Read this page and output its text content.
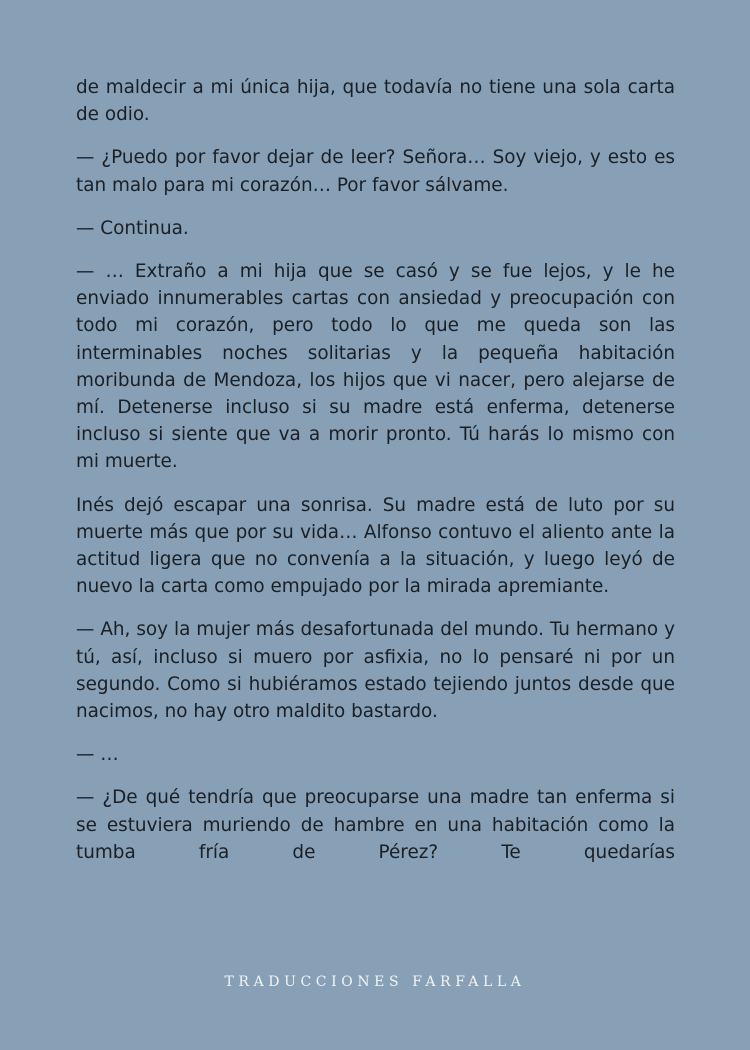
de maldecir a mi única hija, que todavía no tiene una sola carta de odio.

— ¿Puedo por favor dejar de leer? Señora… Soy viejo, y esto es tan malo para mi corazón… Por favor sálvame.

— Continua.

— … Extraño a mi hija que se casó y se fue lejos, y le he enviado innumerables cartas con ansiedad y preocupación con todo mi corazón, pero todo lo que me queda son las interminables noches solitarias y la pequeña habitación moribunda de Mendoza, los hijos que vi nacer, pero alejarse de mí. Detenerse incluso si su madre está enferma, detenerse incluso si siente que va a morir pronto. Tú harás lo mismo con mi muerte.

Inés dejó escapar una sonrisa. Su madre está de luto por su muerte más que por su vida… Alfonso contuvo el aliento ante la actitud ligera que no convenía a la situación, y luego leyó de nuevo la carta como empujado por la mirada apremiante.

— Ah, soy la mujer más desafortunada del mundo. Tu hermano y tú, así, incluso si muero por asfixia, no lo pensaré ni por un segundo. Como si hubiéramos estado tejiendo juntos desde que nacimos, no hay otro maldito bastardo.

— …

— ¿De qué tendría que preocuparse una madre tan enferma si se estuviera muriendo de hambre en una habitación como la tumba fría de Pérez? Te quedarías

TRADUCCIONES FARFALLA
